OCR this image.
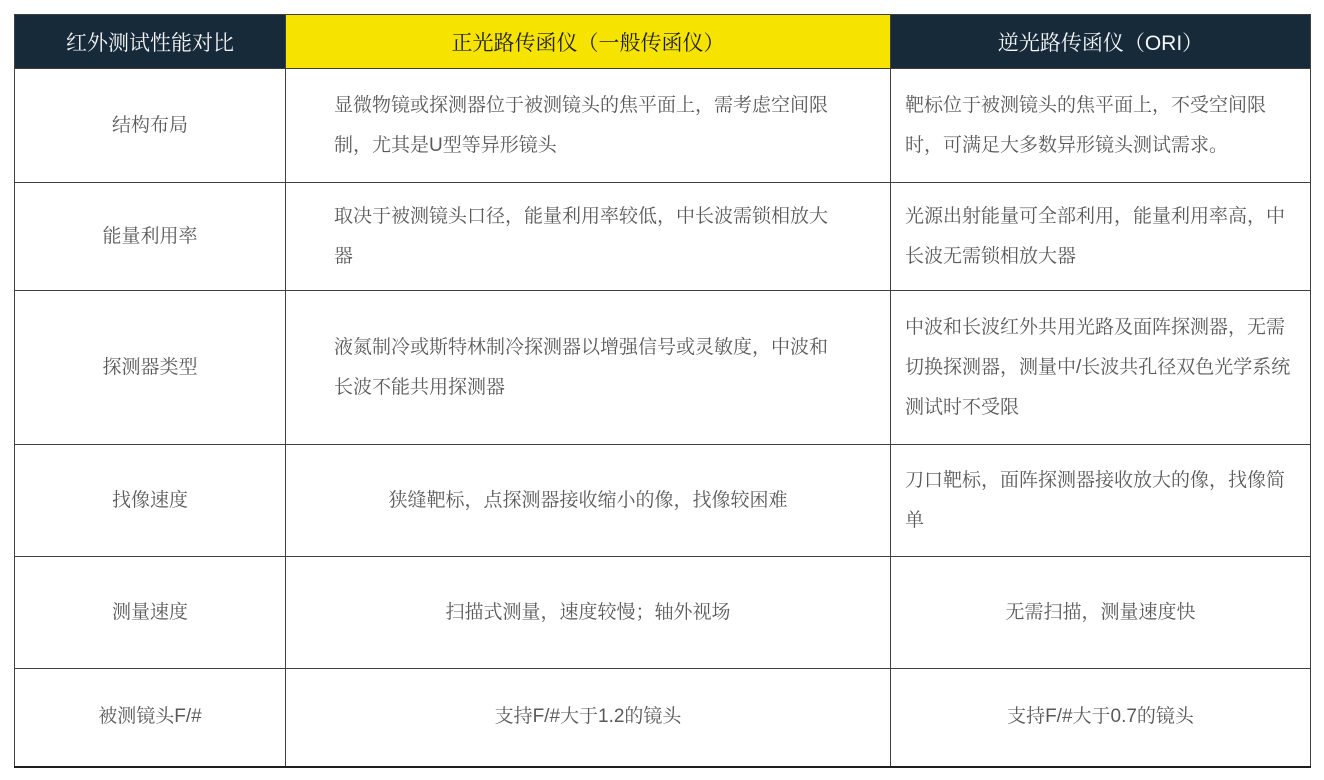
红外测试性能对比	正光路传函仪（一般传函仪）	逆光路传函仪（ORI）
结构布局	显微物镜或探测器位于被测镜头的焦平面上，需考虑空间限制，尤其是U型等异形镜头	靶标位于被测镜头的焦平面上，不受空间限时，可满足大多数异形镜头测试需求。
能量利用率	取决于被测镜头口径，能量利用率较低，中长波需锁相放大器	光源出射能量可全部利用，能量利用率高，中长波无需锁相放大器
探测器类型	液氮制冷或斯特林制冷探测器以增强信号或灵敏度，中波和长波不能共用探测器	中波和长波红外共用光路及面阵探测器，无需切换探测器，测量中/长波共孔径双色光学系统测试时不受限
找像速度	狭缝靶标，点探测器接收缩小的像，找像较困难	刀口靶标，面阵探测器接收放大的像，找像简单
测量速度	扫描式测量，速度较慢；轴外视场	无需扫描，测量速度快
被测镜头F/#	支持F/#大于1.2的镜头	支持F/#大于0.7的镜头
